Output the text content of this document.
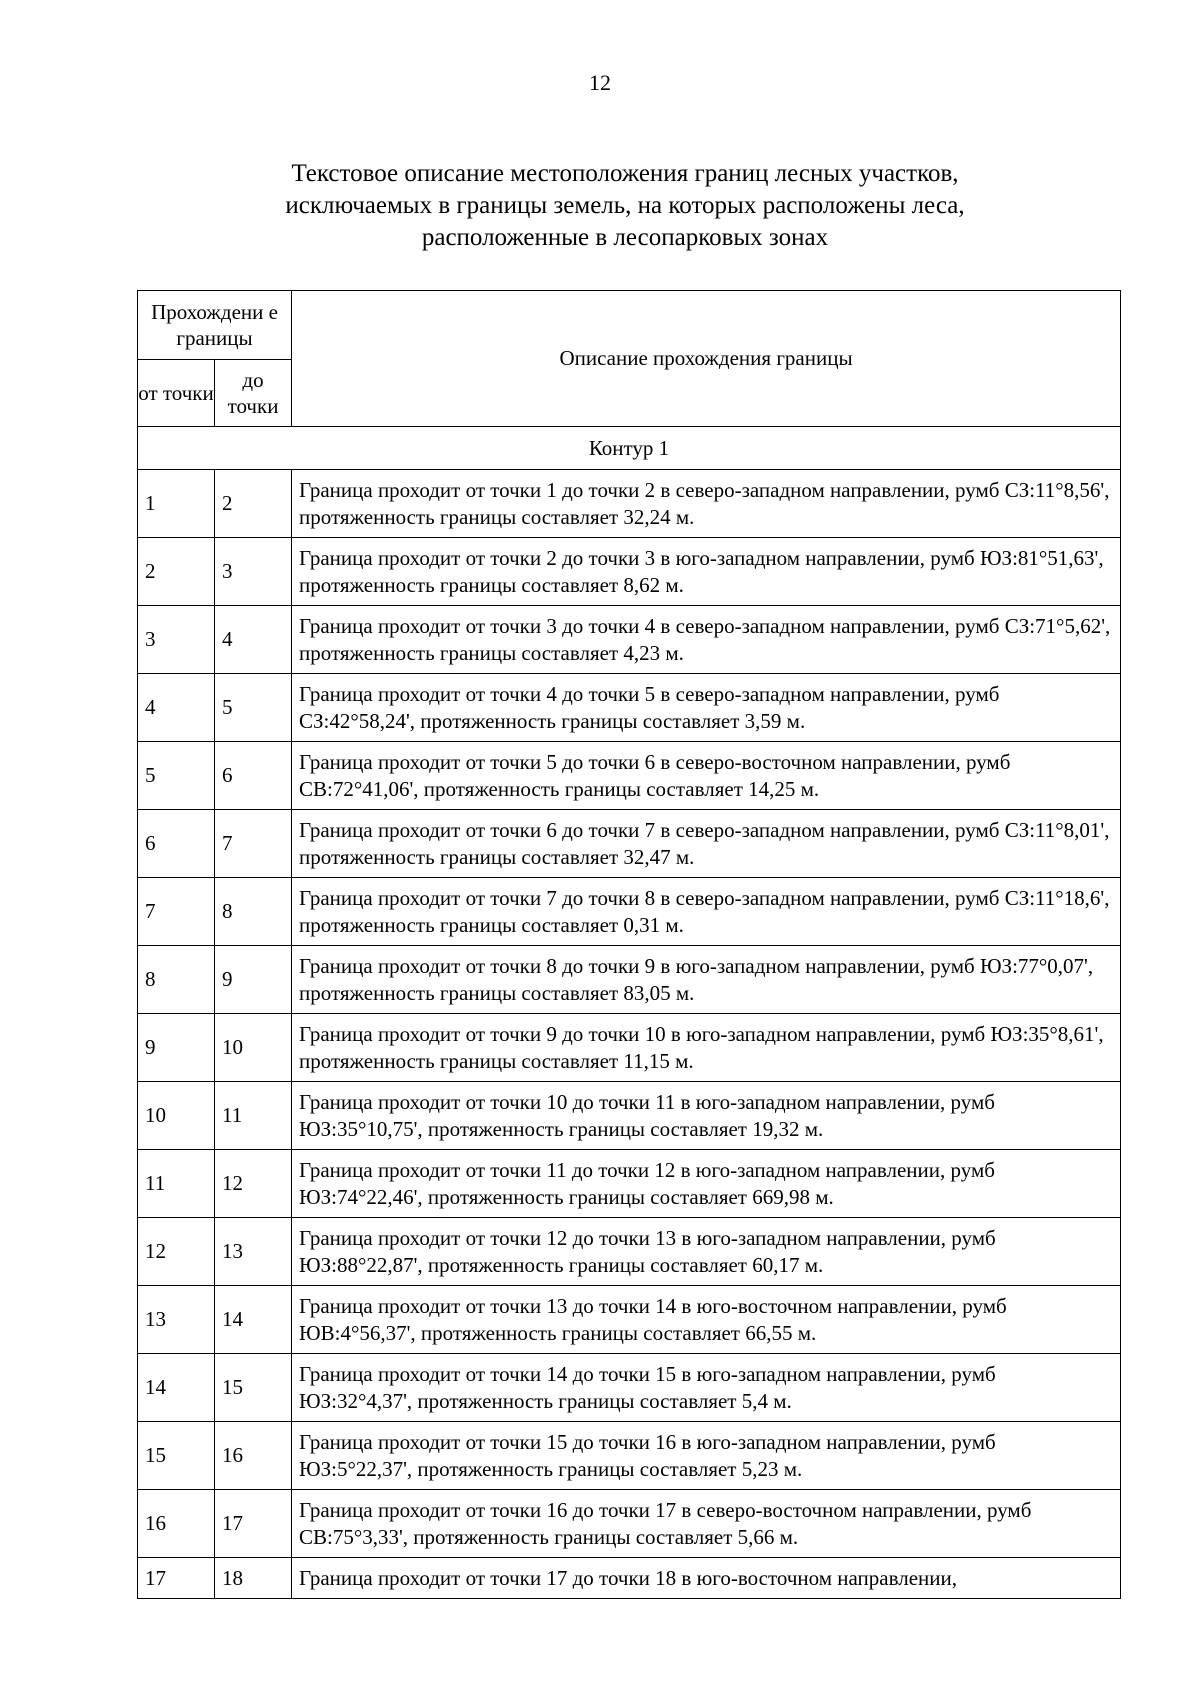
12
Текстовое описание местоположения границ лесных участков,
исключаемых в границы земель, на которых расположены леса,
расположенные в лесопарковых зонах
Прохождени е границы		Описание прохождения границы
от точки	до точки	
Контур 1		
1	2	Граница проходит от точки 1 до точки 2 в северо-западном направлении, румб СЗ:11°8,56', протяженность границы составляет 32,24 м.
2	3	Граница проходит от точки 2 до точки 3 в юго-западном направлении, румб ЮЗ:81°51,63', протяженность границы составляет 8,62 м.
3	4	Граница проходит от точки 3 до точки 4 в северо-западном направлении, румб СЗ:71°5,62', протяженность границы составляет 4,23 м.
4	5	Граница проходит от точки 4 до точки 5 в северо-западном направлении, румб СЗ:42°58,24', протяженность границы составляет 3,59 м.
5	6	Граница проходит от точки 5 до точки 6 в северо-восточном направлении, румб СВ:72°41,06', протяженность границы составляет 14,25 м.
6	7	Граница проходит от точки 6 до точки 7 в северо-западном направлении, румб СЗ:11°8,01', протяженность границы составляет 32,47 м.
7	8	Граница проходит от точки 7 до точки 8 в северо-западном направлении, румб СЗ:11°18,6', протяженность границы составляет 0,31 м.
8	9	Граница проходит от точки 8 до точки 9 в юго-западном направлении, румб ЮЗ:77°0,07', протяженность границы составляет 83,05 м.
9	10	Граница проходит от точки 9 до точки 10 в юго-западном направлении, румб ЮЗ:35°8,61', протяженность границы составляет 11,15 м.
10	11	Граница проходит от точки 10 до точки 11 в юго-западном направлении, румб ЮЗ:35°10,75', протяженность границы составляет 19,32 м.
11	12	Граница проходит от точки 11 до точки 12 в юго-западном направлении, румб ЮЗ:74°22,46', протяженность границы составляет 669,98 м.
12	13	Граница проходит от точки 12 до точки 13 в юго-западном направлении, румб ЮЗ:88°22,87', протяженность границы составляет 60,17 м.
13	14	Граница проходит от точки 13 до точки 14 в юго-восточном направлении, румб ЮВ:4°56,37', протяженность границы составляет 66,55 м.
14	15	Граница проходит от точки 14 до точки 15 в юго-западном направлении, румб ЮЗ:32°4,37', протяженность границы составляет 5,4 м.
15	16	Граница проходит от точки 15 до точки 16 в юго-западном направлении, румб ЮЗ:5°22,37', протяженность границы составляет 5,23 м.
16	17	Граница проходит от точки 16 до точки 17 в северо-восточном направлении, румб СВ:75°3,33', протяженность границы составляет 5,66 м.
17	18	Граница проходит от точки 17 до точки 18 в юго-восточном направлении,
